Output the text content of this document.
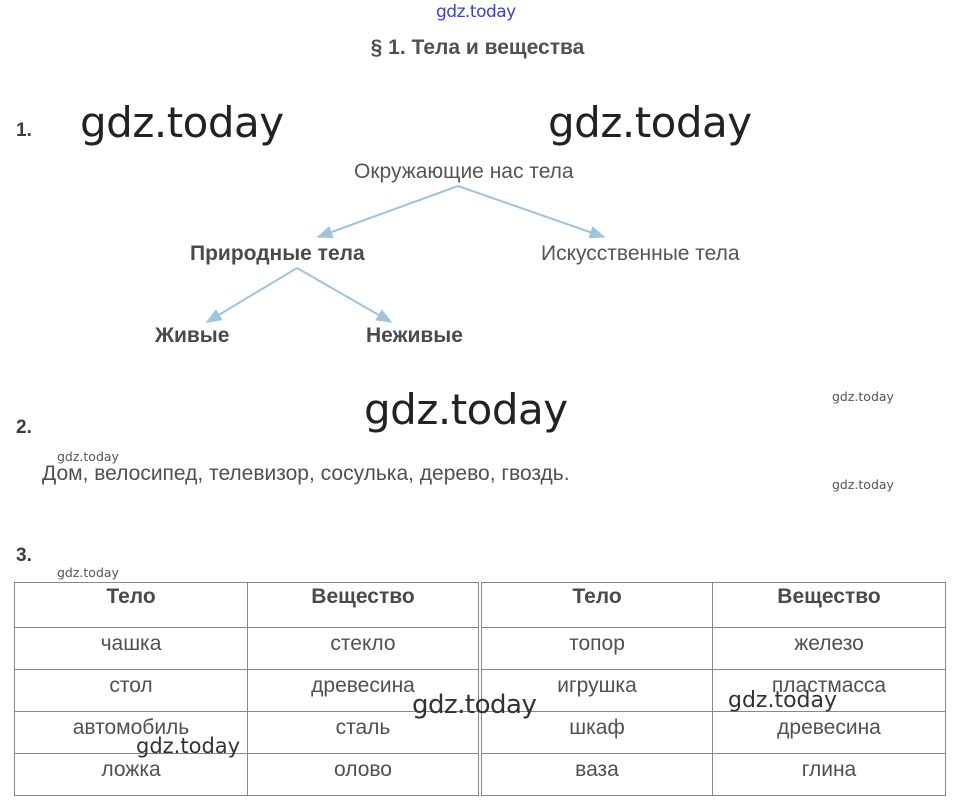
gdz.today
§ 1. Тела и вещества
1. gdz.today	gdz.today
Окружающие нас тела
Природные тела	Искусственные тела
Живые	Неживые
gdz.today	gdz.today
2.
gdz.today
Дом, велосипед, телевизор, сосулька, дерево, гвоздь.	gdz.today
3.
gdz.today
Тело	Вещество	Тело	Вещество
чашка	стекло	топор	железо
стол	древесина	игрушка	пластмасса
автомобиль	сталь	шкаф	древесина
ложка	олово	ваза	глина
gdz.today	gdz.today
gdz.today
